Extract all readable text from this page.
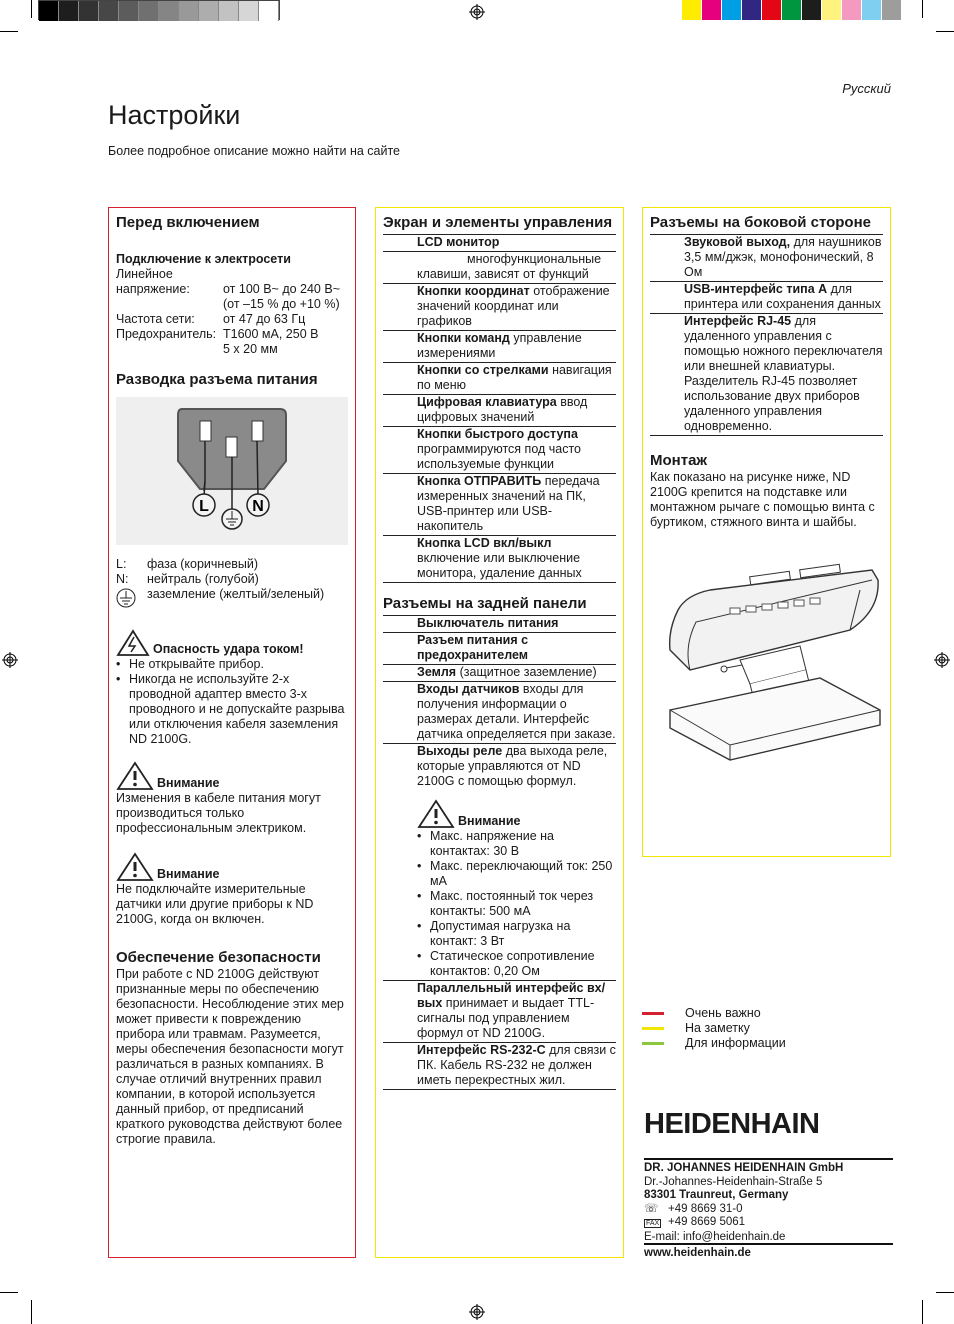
Русский
Настройки
Более подробное описание можно найти на сайте
Перед включением
Подключение к электросети
Линейное
напряжение:	от 100 В~ до 240 В~
(от –15 % до +10 %)
Частота сети:	от 47 до 63 Гц
Предохранитель: T1600 мA, 250 В
5 x 20 мм
Разводка разъема питания
L	N
L:	фаза (коричневый)
N:	нейтраль (голубой)
заземление (желтый/зеленый)
Опасность удара током!
• Не открывайте прибор.
• Никогда не используйте 2-х проводной адаптер вместо 3-х проводного и не допускайте разрыва или отключения кабеля заземления ND 2100G.
Внимание
Изменения в кабеле питания могут производиться только профессиональным электриком.
Внимание
Не подключайте измерительные датчики или другие приборы к ND 2100G, когда он включен.
Обеспечение безопасности
При работе с ND 2100G действуют признанные меры по обеспечению безопасности. Несоблюдение этих мер может привести к повреждению прибора или травмам. Разумеется, меры обеспечения безопасности могут различаться в разных компаниях. В случае отличий внутренних правил компании, в которой используется данный прибор, от предписаний краткого руководства действуют более строгие правила.
Экран и элементы управления
LCD монитор
многофункциональные клавиши, зависят от функций
Кнопки координат отображение значений координат или графиков
Кнопки команд управление измерениями
Кнопки со стрелками навигация по меню
Цифровая клавиатура ввод цифровых значений
Кнопки быстрого доступа программируются под часто используемые функции
Кнопка ОТПРАВИТЬ передача измеренных значений на ПК, USB-принтер или USB-накопитель
Кнопка LCD вкл/выкл включение или выключение монитора, удаление данных
Разъемы на задней панели
Выключатель питания
Разъем питания с предохранителем
Земля (защитное заземление)
Входы датчиков входы для получения информации о размерах детали. Интерфейс датчика определяется при заказе.
Выходы реле два выхода реле, которые управляются от ND 2100G с помощью формул.
Внимание
• Макс. напряжение на контактах: 30 В
• Макс. переключающий ток: 250 мА
• Макс. постоянный ток через контакты: 500 мА
• Допустимая нагрузка на контакт: 3 Вт
• Статическое сопротивление контактов: 0,20 Ом
Параллельный интерфейс вх/вых принимает и выдает TTL-сигналы под управлением формул от ND 2100G.
Интерфейс RS-232-C для связи с ПК. Кабель RS-232 не должен иметь перекрестных жил.
Разъемы на боковой стороне
Звуковой выход, для наушников 3,5 мм/джэк, монофонический, 8 Ом
USB-интерфейс типа A для принтера или сохранения данных
Интерфейс RJ-45 для удаленного управления с помощью ножного переключателя или внешней клавиатуры. Разделитель RJ-45 позволяет использование двух приборов удаленного управления одновременно.
Монтаж
Как показано на рисунке ниже, ND 2100G крепится на подставке или монтажном рычаге с помощью винта с буртиком, стяжного винта и шайбы.
Очень важно
На заметку
Для информации
HEIDENHAIN
DR. JOHANNES HEIDENHAIN GmbH
Dr.-Johannes-Heidenhain-Straße 5
83301 Traunreut, Germany
☏ +49 8669 31-0
FAX +49 8669 5061
E-mail: info@heidenhain.de
www.heidenhain.de
